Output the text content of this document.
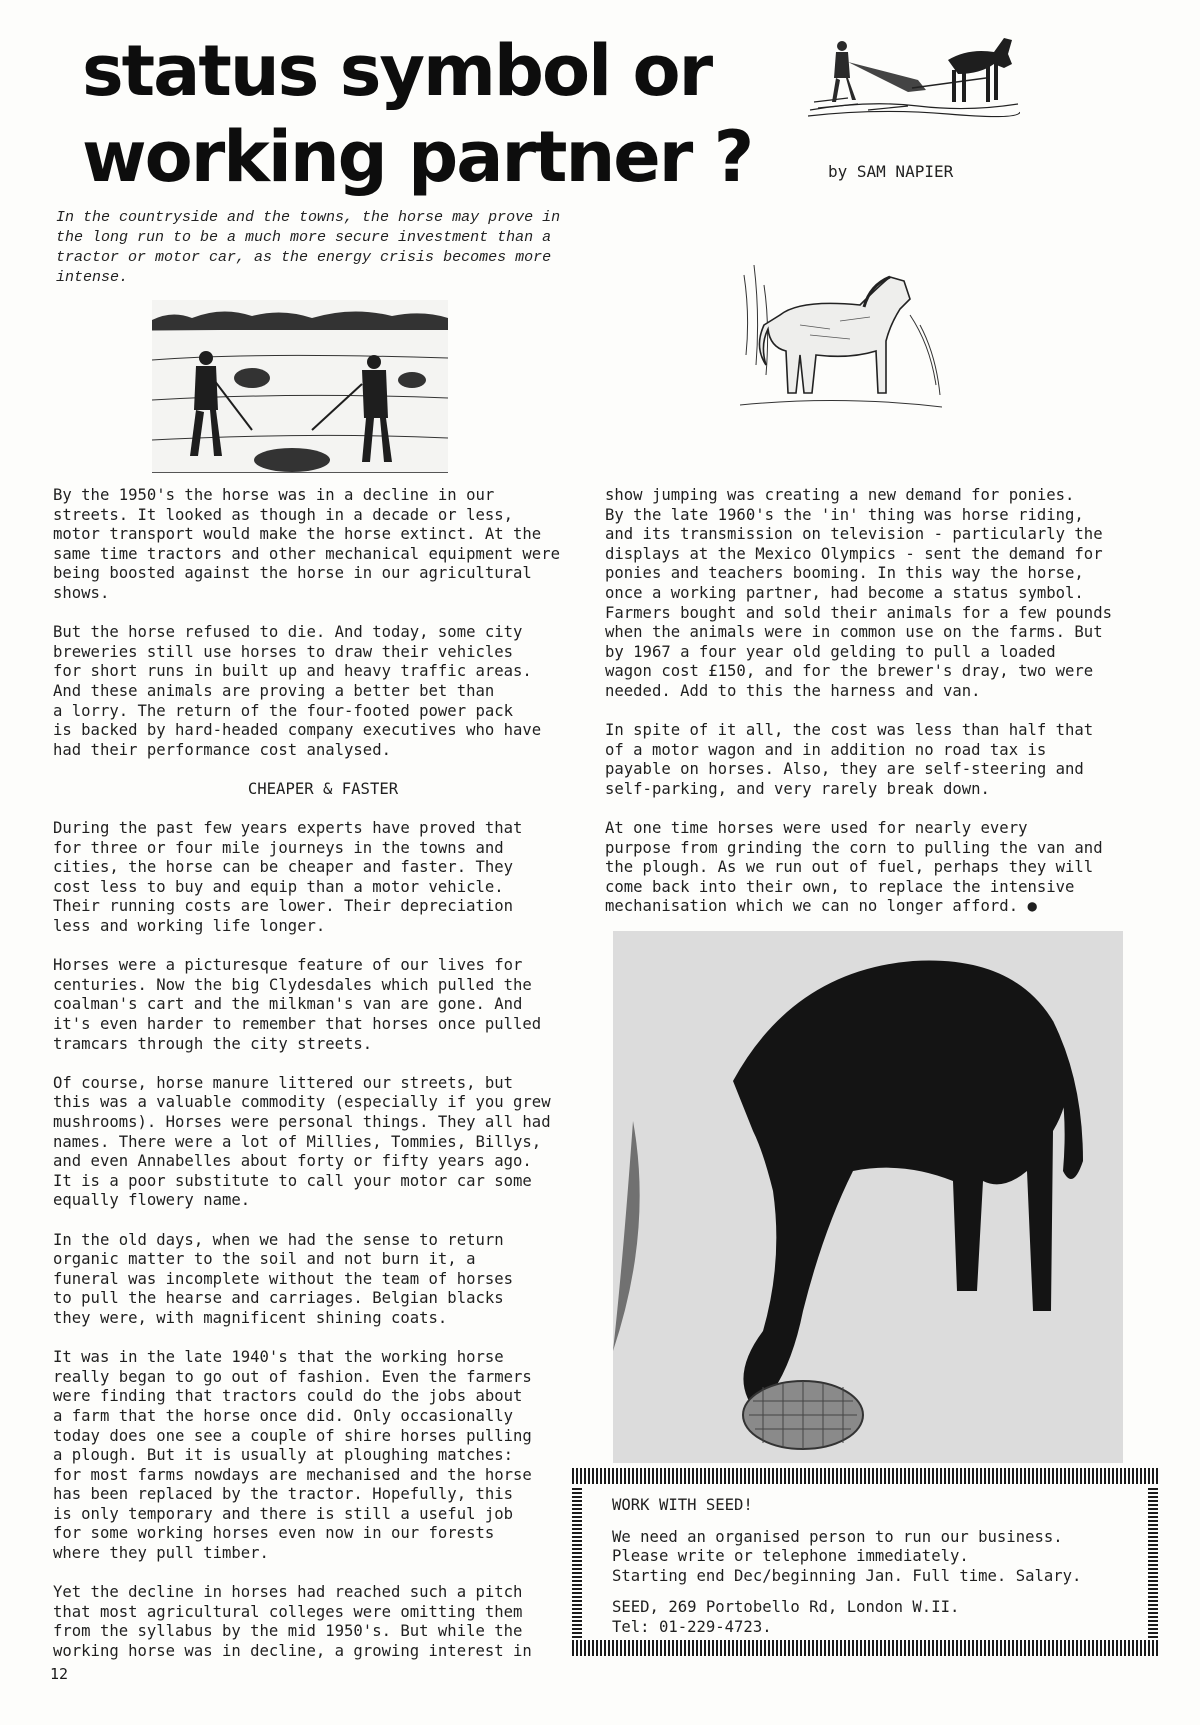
status symbol or working partner ?	by SAM NAPIER

In the countryside and the towns, the horse may prove in the long run to be a much more secure investment than a tractor or motor car, as the energy crisis becomes more intense.

By the 1950's the horse was in a decline in our
streets. It looked as though in a decade or less,
motor transport would make the horse extinct. At the
same time tractors and other mechanical equipment were
being boosted against the horse in our agricultural
shows.

But the horse refused to die. And today, some city
breweries still use horses to draw their vehicles
for short runs in built up and heavy traffic areas.
And these animals are proving a better bet than
a lorry. The return of the four-footed power pack
is backed by hard-headed company executives who have
had their performance cost analysed.

CHEAPER & FASTER

During the past few years experts have proved that
for three or four mile journeys in the towns and
cities, the horse can be cheaper and faster. They
cost less to buy and equip than a motor vehicle.
Their running costs are lower. Their depreciation
less and working life longer.

Horses were a picturesque feature of our lives for
centuries. Now the big Clydesdales which pulled the
coalman's cart and the milkman's van are gone. And
it's even harder to remember that horses once pulled
tramcars through the city streets.

Of course, horse manure littered our streets, but
this was a valuable commodity (especially if you grew
mushrooms). Horses were personal things. They all had
names. There were a lot of Millies, Tommies, Billys,
and even Annabelles about forty or fifty years ago.
It is a poor substitute to call your motor car some
equally flowery name.

In the old days, when we had the sense to return
organic matter to the soil and not burn it, a
funeral was incomplete without the team of horses
to pull the hearse and carriages. Belgian blacks
they were, with magnificent shining coats.

It was in the late 1940's that the working horse
really began to go out of fashion. Even the farmers
were finding that tractors could do the jobs about
a farm that the horse once did. Only occasionally
today does one see a couple of shire horses pulling
a plough. But it is usually at ploughing matches:
for most farms nowdays are mechanised and the horse
has been replaced by the tractor. Hopefully, this
is only temporary and there is still a useful job
for some working horses even now in our forests
where they pull timber.

Yet the decline in horses had reached such a pitch
that most agricultural colleges were omitting them
from the syllabus by the mid 1950's. But while the
working horse was in decline, a growing interest in

show jumping was creating a new demand for ponies.
By the late 1960's the 'in' thing was horse riding,
and its transmission on television - particularly the
displays at the Mexico Olympics - sent the demand for
ponies and teachers booming. In this way the horse,
once a working partner, had become a status symbol.
Farmers bought and sold their animals for a few pounds
when the animals were in common use on the farms. But
by 1967 a four year old gelding to pull a loaded
wagon cost £150, and for the brewer's dray, two were
needed. Add to this the harness and van.

In spite of it all, the cost was less than half that
of a motor wagon and in addition no road tax is
payable on horses. Also, they are self-steering and
self-parking, and very rarely break down.

At one time horses were used for nearly every
purpose from grinding the corn to pulling the van and
the plough. As we run out of fuel, perhaps they will
come back into their own, to replace the intensive
mechanisation which we can no longer afford. ●

WORK WITH SEED!

We need an organised person to run our business.
Please write or telephone immediately.
Starting end Dec/beginning Jan. Full time. Salary.

SEED, 269 Portobello Rd, London W.II.
Tel: 01-229-4723.

12
